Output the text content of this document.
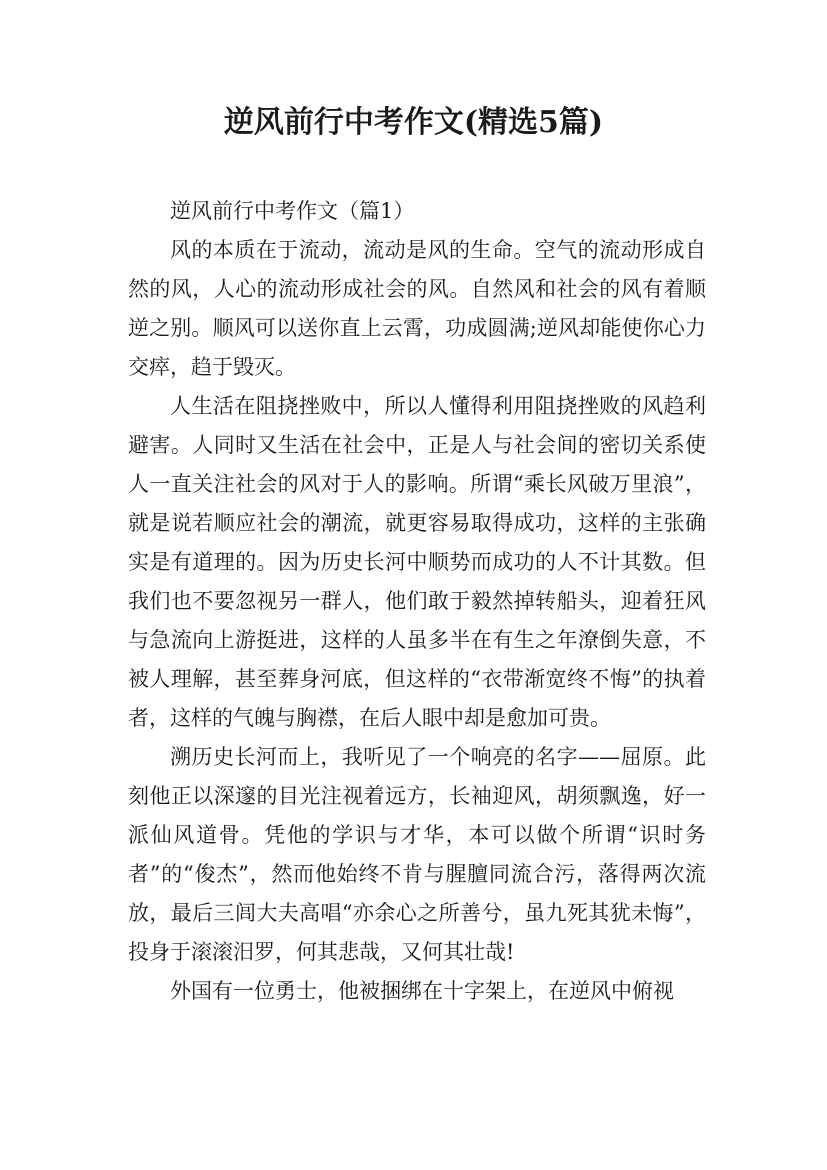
逆风前行中考作文(精选5篇)

逆风前行中考作文（篇1）

风的本质在于流动，流动是风的生命。空气的流动形成自然的风，人心的流动形成社会的风。自然风和社会的风有着顺逆之别。顺风可以送你直上云霄，功成圆满;逆风却能使你心力交瘁，趋于毁灭。

人生活在阻挠挫败中，所以人懂得利用阻挠挫败的风趋利避害。人同时又生活在社会中，正是人与社会间的密切关系使人一直关注社会的风对于人的影响。所谓“乘长风破万里浪”，就是说若顺应社会的潮流，就更容易取得成功，这样的主张确实是有道理的。因为历史长河中顺势而成功的人不计其数。但我们也不要忽视另一群人，他们敢于毅然掉转船头，迎着狂风与急流向上游挺进，这样的人虽多半在有生之年潦倒失意，不被人理解，甚至葬身河底，但这样的“衣带渐宽终不悔”的执着者，这样的气魄与胸襟，在后人眼中却是愈加可贵。

溯历史长河而上，我听见了一个响亮的名字——屈原。此刻他正以深邃的目光注视着远方，长袖迎风，胡须飘逸，好一派仙风道骨。凭他的学识与才华，本可以做个所谓“识时务者”的“俊杰”，然而他始终不肯与腥膻同流合污，落得两次流放，最后三闾大夫高唱“亦余心之所善兮，虽九死其犹未悔”，投身于滚滚汨罗，何其悲哉，又何其壮哉!

外国有一位勇士，他被捆绑在十字架上，在逆风中俯视
